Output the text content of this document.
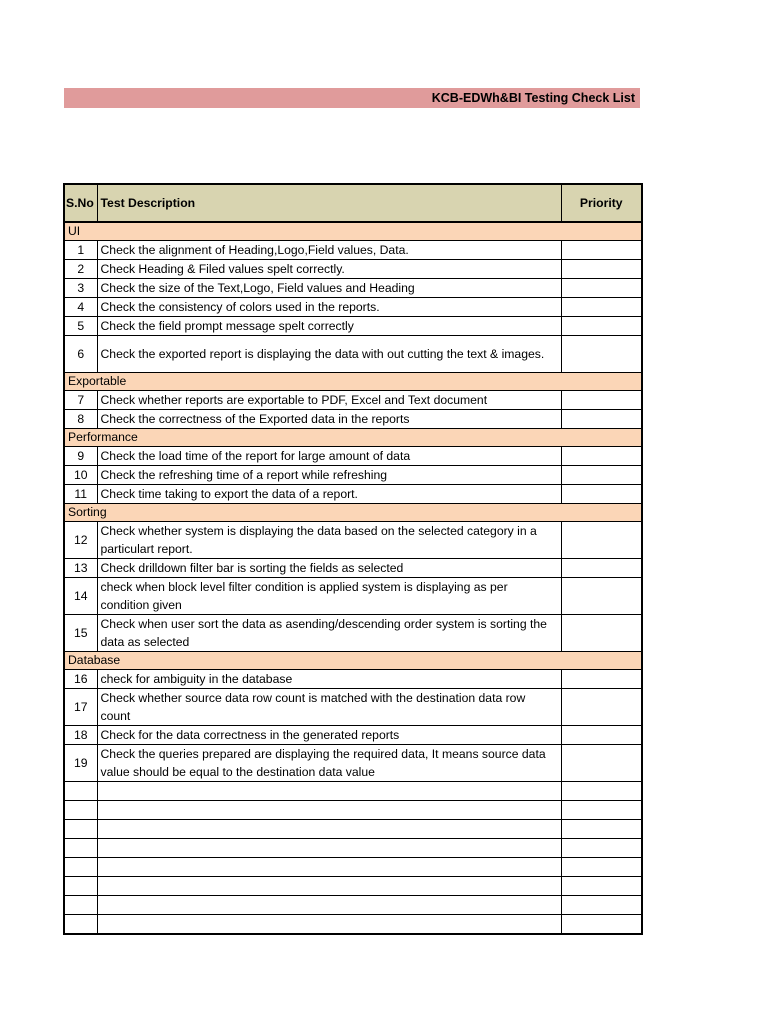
KCB-EDWh&BI Testing Check List
S.No	Test Description	Priority
UI		
1	Check the alignment of Heading,Logo,Field values, Data.	
2	Check Heading & Filed values spelt correctly.	
3	Check the size of the Text,Logo, Field values and Heading	
4	Check the consistency of colors used in the reports.	
5	Check the field prompt message spelt correctly	
6	Check the exported report is displaying the data with out cutting the text & images.	
Exportable		
7	Check whether reports are exportable to PDF, Excel and Text document	
8	Check the correctness of the Exported data in the reports	
Performance		
9	Check the load time of the report for large amount of data	
10	Check the refreshing time of a report while refreshing	
11	Check time taking to export the data of a report.	
Sorting		
12	Check whether system is displaying the data based on the selected category in a particulart report.	
13	Check drilldown filter bar is sorting the fields as selected	
14	check when block level filter condition is applied system is displaying as per condition given	
15	Check when user sort the data as asending/descending order system is sorting the data as selected	
Database		
16	check for ambiguity in the database	
17	Check whether source data row count is matched with the destination data row count	
18	Check for the data correctness in the generated reports	
19	Check the queries prepared are displaying the required data, It means source data value should be equal to the destination data value	
